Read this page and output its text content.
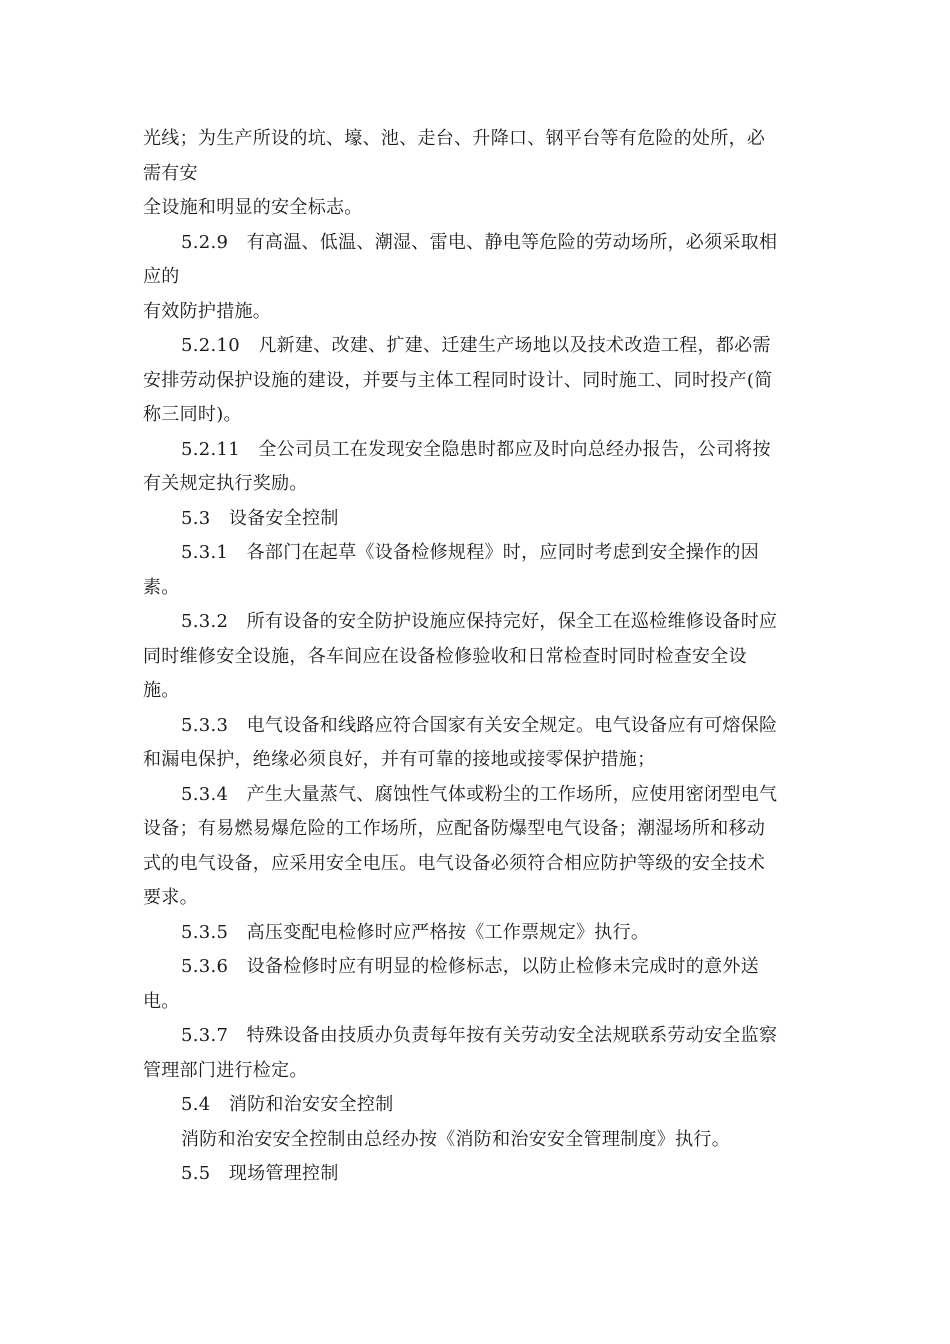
光线；为生产所设的坑、壕、池、走台、升降口、钢平台等有危险的处所，必
需有安
全设施和明显的安全标志。
5.2.9　有高温、低温、潮湿、雷电、静电等危险的劳动场所，必须采取相
应的
有效防护措施。
5.2.10　凡新建、改建、扩建、迁建生产场地以及技术改造工程，都必需
安排劳动保护设施的建设，并要与主体工程同时设计、同时施工、同时投产(简
称三同时)。
5.2.11　全公司员工在发现安全隐患时都应及时向总经办报告，公司将按
有关规定执行奖励。
5.3　设备安全控制
5.3.1　各部门在起草《设备检修规程》时，应同时考虑到安全操作的因
素。
5.3.2　所有设备的安全防护设施应保持完好，保全工在巡检维修设备时应
同时维修安全设施，各车间应在设备检修验收和日常检查时同时检查安全设
施。
5.3.3　电气设备和线路应符合国家有关安全规定。电气设备应有可熔保险
和漏电保护，绝缘必须良好，并有可靠的接地或接零保护措施；
5.3.4　产生大量蒸气、腐蚀性气体或粉尘的工作场所，应使用密闭型电气
设备；有易燃易爆危险的工作场所，应配备防爆型电气设备；潮湿场所和移动
式的电气设备，应采用安全电压。电气设备必须符合相应防护等级的安全技术
要求。
5.3.5　高压变配电检修时应严格按《工作票规定》执行。
5.3.6　设备检修时应有明显的检修标志，以防止检修未完成时的意外送
电。
5.3.7　特殊设备由技质办负责每年按有关劳动安全法规联系劳动安全监察
管理部门进行检定。
5.4　消防和治安安全控制
消防和治安安全控制由总经办按《消防和治安安全管理制度》执行。
5.5　现场管理控制
